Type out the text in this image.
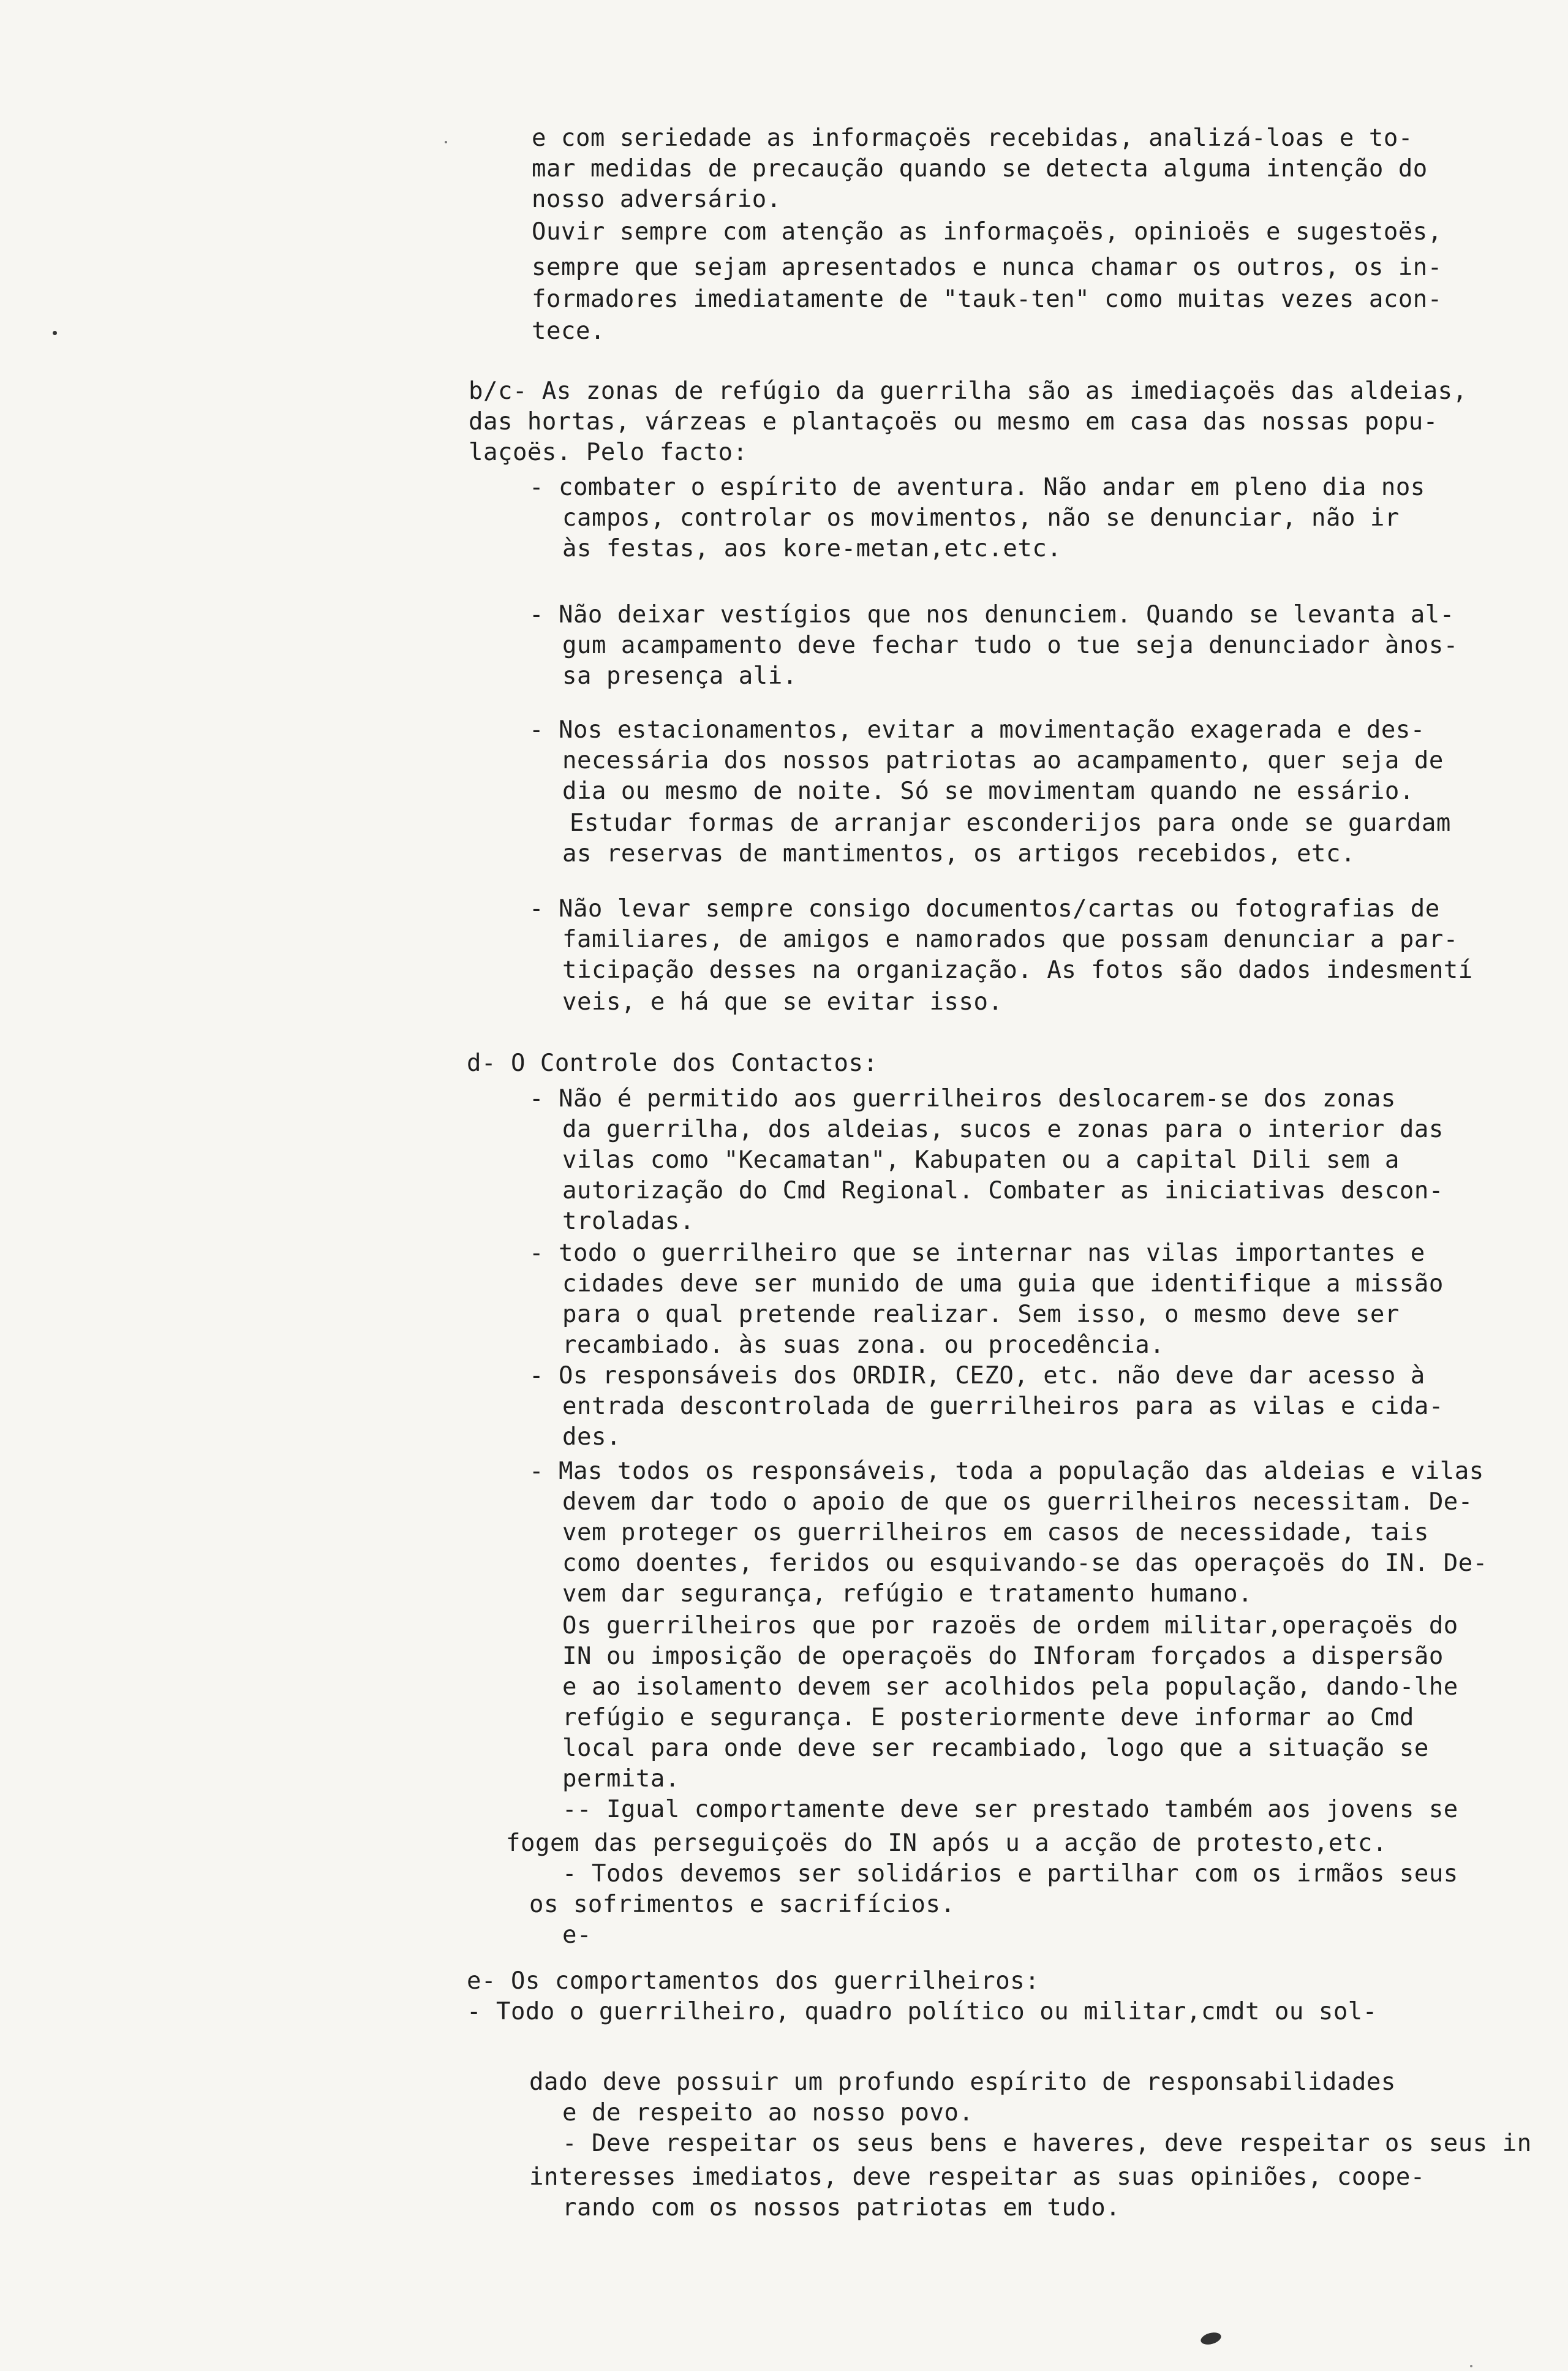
e com seriedade as informaçoës recebidas, analizá-loas e to-
mar medidas de precaução quando se detecta alguma intenção do
nosso adversário.
Ouvir sempre com atenção as informaçoës, opinioës e sugestoës,
sempre que sejam apresentados e nunca chamar os outros, os in-
formadores imediatamente de "tauk-ten" como muitas vezes acon-
tece.
b/c- As zonas de refúgio da guerrilha são as imediaçoës das aldeias,
das hortas, várzeas e plantaçoës ou mesmo em casa das nossas popu-
laçoës. Pelo facto:
- combater o espírito de aventura. Não andar em pleno dia nos
campos, controlar os movimentos, não se denunciar, não ir
às festas, aos kore-metan,etc.etc.
- Não deixar vestígios que nos denunciem. Quando se levanta al-
gum acampamento deve fechar tudo o tue seja denunciador ànos-
sa presença ali.
- Nos estacionamentos, evitar a movimentação exagerada e des-
necessária dos nossos patriotas ao acampamento, quer seja de
dia ou mesmo de noite. Só se movimentam quando ne essário.
Estudar formas de arranjar esconderijos para onde se guardam
as reservas de mantimentos, os artigos recebidos, etc.
- Não levar sempre consigo documentos/cartas ou fotografias de
familiares, de amigos e namorados que possam denunciar a par-
ticipação desses na organização. As fotos são dados indesmentí
veis, e há que se evitar isso.
d- O Controle dos Contactos:
- Não é permitido aos guerrilheiros deslocarem-se dos zonas
da guerrilha, dos aldeias, sucos e zonas para o interior das
vilas como "Kecamatan", Kabupaten ou a capital Dili sem a
autorização do Cmd Regional. Combater as iniciativas descon-
troladas.
- todo o guerrilheiro que se internar nas vilas importantes e
cidades deve ser munido de uma guia que identifique a missão
para o qual pretende realizar. Sem isso, o mesmo deve ser
recambiado. às suas zona. ou procedência.
- Os responsáveis dos ORDIR, CEZO, etc. não deve dar acesso à
entrada descontrolada de guerrilheiros para as vilas e cida-
des.
- Mas todos os responsáveis, toda a população das aldeias e vilas
devem dar todo o apoio de que os guerrilheiros necessitam. De-
vem proteger os guerrilheiros em casos de necessidade, tais
como doentes, feridos ou esquivando-se das operaçoës do IN. De-
vem dar segurança, refúgio e tratamento humano.
Os guerrilheiros que por razoës de ordem militar,operaçoës do
IN ou imposição de operaçoës do INforam forçados a dispersão
e ao isolamento devem ser acolhidos pela população, dando-lhe
refúgio e segurança. E posteriormente deve informar ao Cmd
local para onde deve ser recambiado, logo que a situação se
permita.
-- Igual comportamente deve ser prestado também aos jovens se
fogem das perseguiçoës do IN após u a acção de protesto,etc.
- Todos devemos ser solidários e partilhar com os irmãos seus
os sofrimentos e sacrifícios.
e-
e- Os comportamentos dos guerrilheiros:
- Todo o guerrilheiro, quadro político ou militar,cmdt ou sol-
dado deve possuir um profundo espírito de responsabilidades
e de respeito ao nosso povo.
- Deve respeitar os seus bens e haveres, deve respeitar os seus in
interesses imediatos, deve respeitar as suas opiniões, coope-
rando com os nossos patriotas em tudo.
